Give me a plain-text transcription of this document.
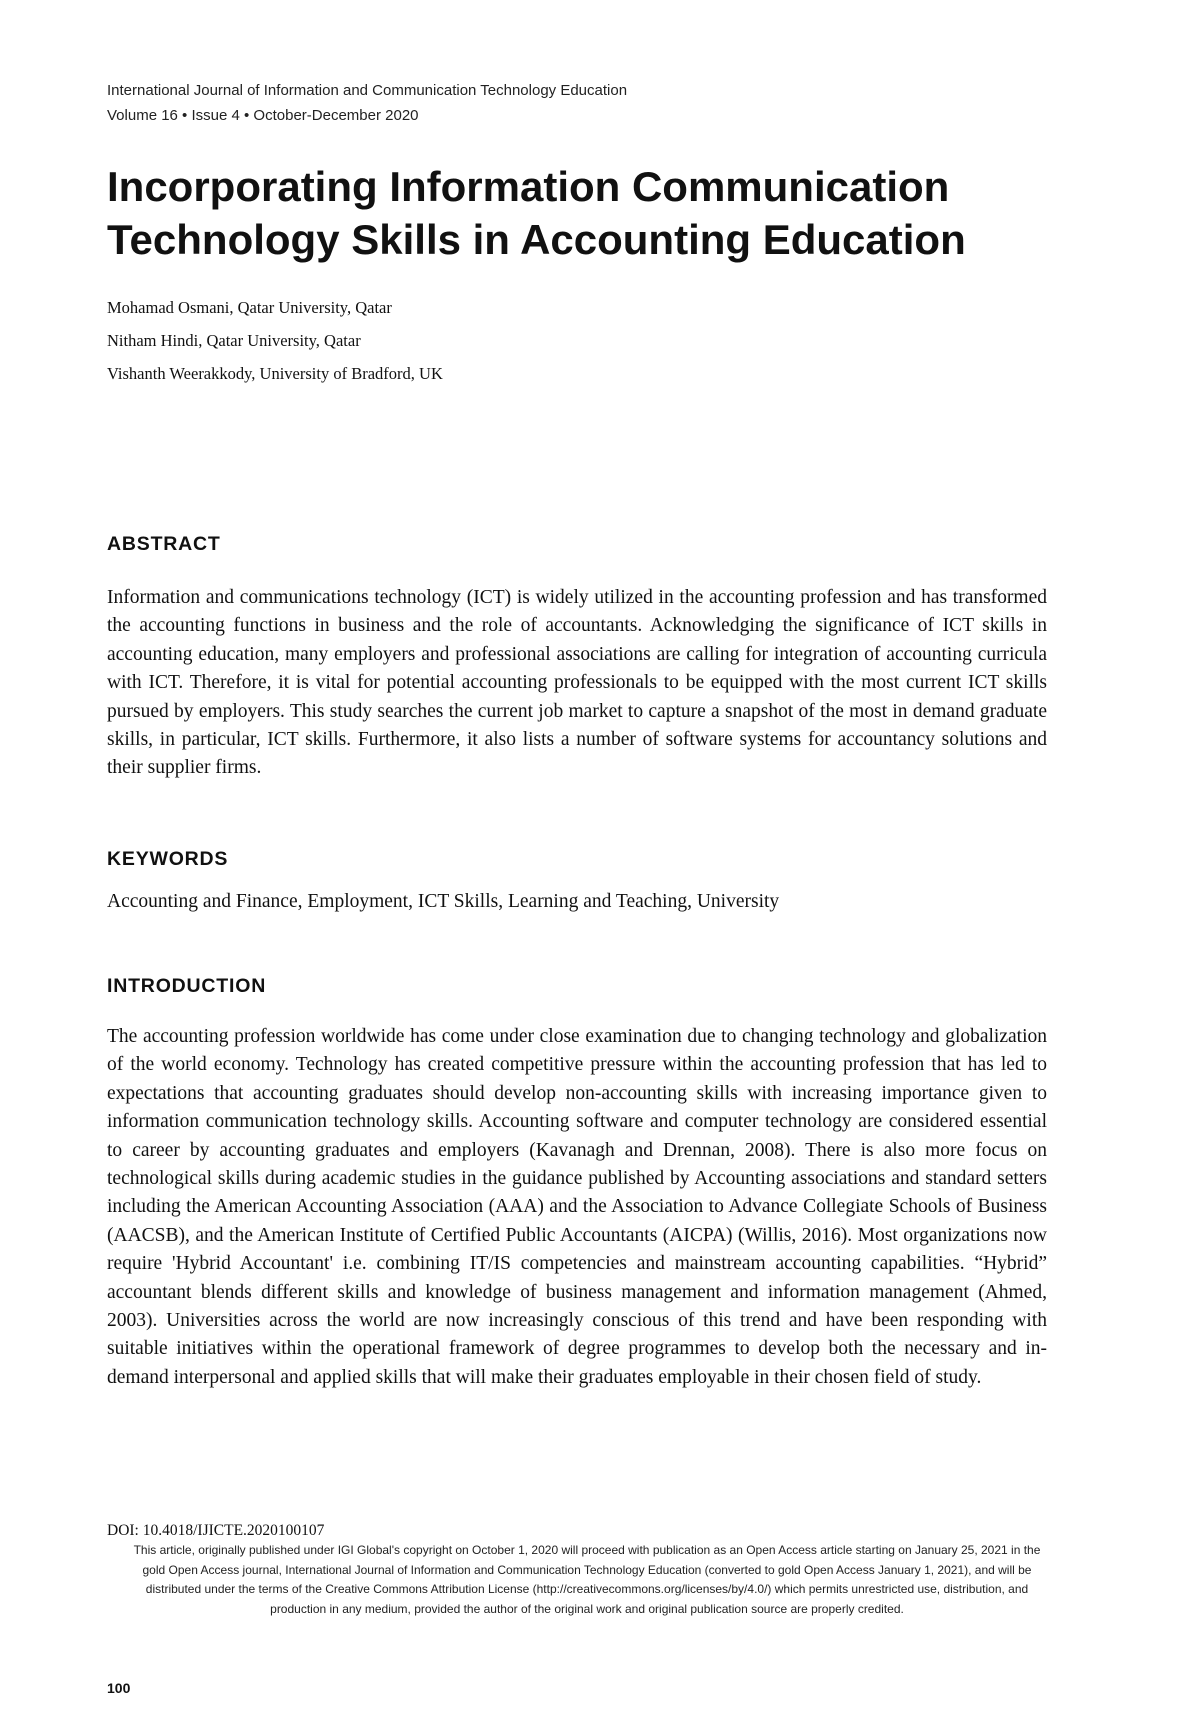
International Journal of Information and Communication Technology Education
Volume 16 • Issue 4 • October-December 2020
Incorporating Information Communication
Technology Skills in Accounting Education
Mohamad Osmani, Qatar University, Qatar
Nitham Hindi, Qatar University, Qatar
Vishanth Weerakkody, University of Bradford, UK
ABSTRACT

Information and communications technology (ICT) is widely utilized in the accounting profession and has transformed the accounting functions in business and the role of accountants. Acknowledging the significance of ICT skills in accounting education, many employers and professional associations are calling for integration of accounting curricula with ICT. Therefore, it is vital for potential accounting professionals to be equipped with the most current ICT skills pursued by employers. This study searches the current job market to capture a snapshot of the most in demand graduate skills, in particular, ICT skills. Furthermore, it also lists a number of software systems for accountancy solutions and their supplier firms.

KEYWORDS

Accounting and Finance, Employment, ICT Skills, Learning and Teaching, University

INTRODUCTION

The accounting profession worldwide has come under close examination due to changing technology and globalization of the world economy. Technology has created competitive pressure within the accounting profession that has led to expectations that accounting graduates should develop non-accounting skills with increasing importance given to information communication technology skills. Accounting software and computer technology are considered essential to career by accounting graduates and employers (Kavanagh and Drennan, 2008). There is also more focus on technological skills during academic studies in the guidance published by Accounting associations and standard setters including the American Accounting Association (AAA) and the Association to Advance Collegiate Schools of Business (AACSB), and the American Institute of Certified Public Accountants (AICPA) (Willis, 2016). Most organizations now require 'Hybrid Accountant' i.e. combining IT/IS competencies and mainstream accounting capabilities. “Hybrid” accountant blends different skills and knowledge of business management and information management (Ahmed, 2003). Universities across the world are now increasingly conscious of this trend and have been responding with suitable initiatives within the operational framework of degree programmes to develop both the necessary and in-demand interpersonal and applied skills that will make their graduates employable in their chosen field of study.

DOI: 10.4018/IJICTE.2020100107

This article, originally published under IGI Global's copyright on October 1, 2020 will proceed with publication as an Open Access article starting on January 25, 2021 in the gold Open Access journal, International Journal of Information and Communication Technology Education (converted to gold Open Access January 1, 2021), and will be distributed under the terms of the Creative Commons Attribution License (http://creativecommons.org/licenses/by/4.0/) which permits unrestricted use, distribution, and production in any medium, provided the author of the original work and original publication source are properly credited.

100
